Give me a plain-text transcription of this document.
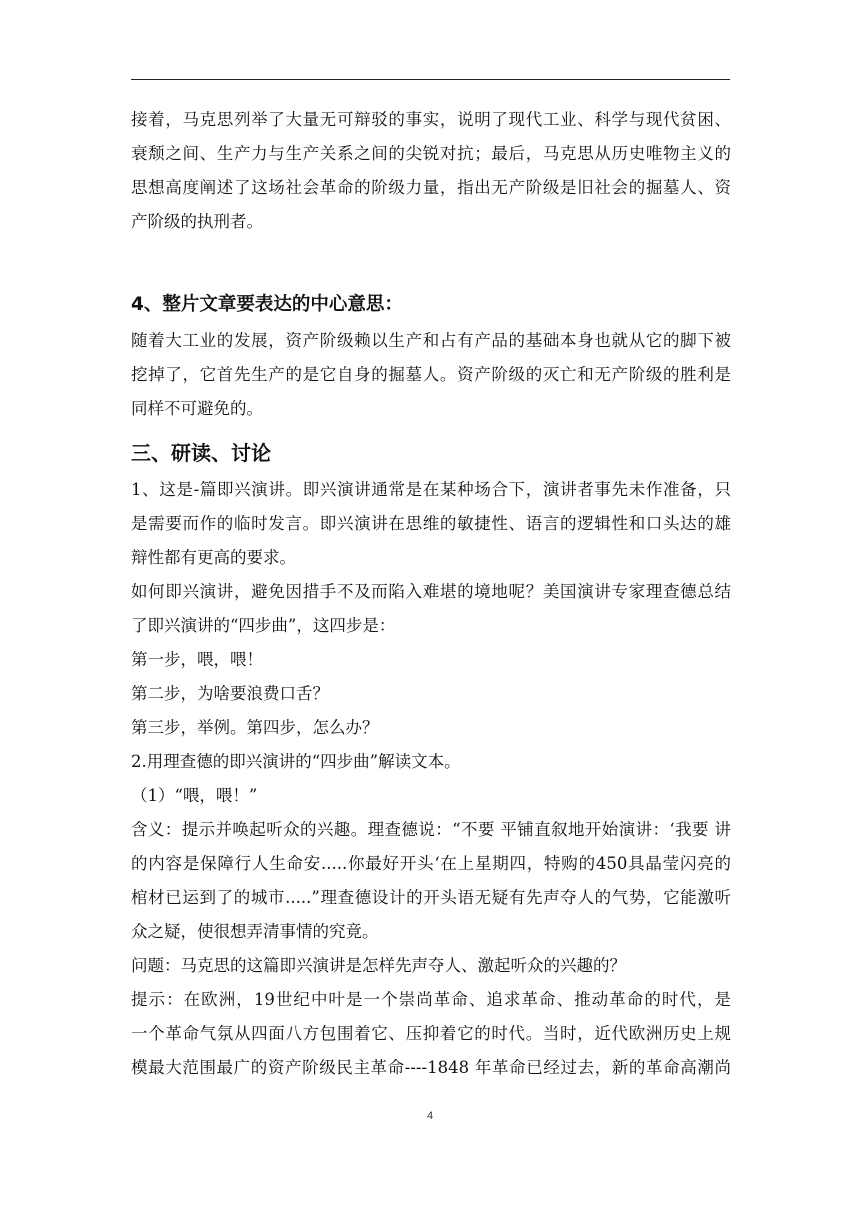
接着，马克思列举了大量无可辩驳的事实，说明了现代工业、科学与现代贫困、
衰颓之间、生产力与生产关系之间的尖锐对抗；最后，马克思从历史唯物主义的
思想高度阐述了这场社会革命的阶级力量，指出无产阶级是旧社会的掘墓人、资
产阶级的执刑者。
4、整片文章要表达的中心意思：
随着大工业的发展，资产阶级赖以生产和占有产品的基础本身也就从它的脚下被
挖掉了，它首先生产的是它自身的掘墓人。资产阶级的灭亡和无产阶级的胜利是
同样不可避免的。
三、研读、讨论
1、这是-篇即兴演讲。即兴演讲通常是在某种场合下，演讲者事先未作准备，只
是需要而作的临时发言。即兴演讲在思维的敏捷性、语言的逻辑性和口头达的雄
辩性都有更高的要求。
如何即兴演讲，避免因措手不及而陷入难堪的境地呢？美国演讲专家理查德总结
了即兴演讲的“四步曲”，这四步是：
第一步，喂，喂！
第二步，为啥要浪费口舌？
第三步，举例。第四步，怎么办？
2.用理查德的即兴演讲的“四步曲”解读文本。
（1）“喂，喂！”
含义：提示并唤起听众的兴趣。理查德说：“不要 平铺直叙地开始演讲：‘我要 讲
的内容是保障行人生命安.....你最好开头‘在上星期四，特购的450具晶莹闪亮的
棺材已运到了的城市.....”理查德设计的开头语无疑有先声夺人的气势，它能激听
众之疑，使很想弄清事情的究竟。
问题：马克思的这篇即兴演讲是怎样先声夺人、激起听众的兴趣的？
提示：在欧洲，19世纪中叶是一个崇尚革命、追求革命、推动革命的时代，是
一个革命气氛从四面八方包围着它、压抑着它的时代。当时，近代欧洲历史上规
模最大范围最广的资产阶级民主革命----1848 年革命已经过去，新的革命高潮尚
4
